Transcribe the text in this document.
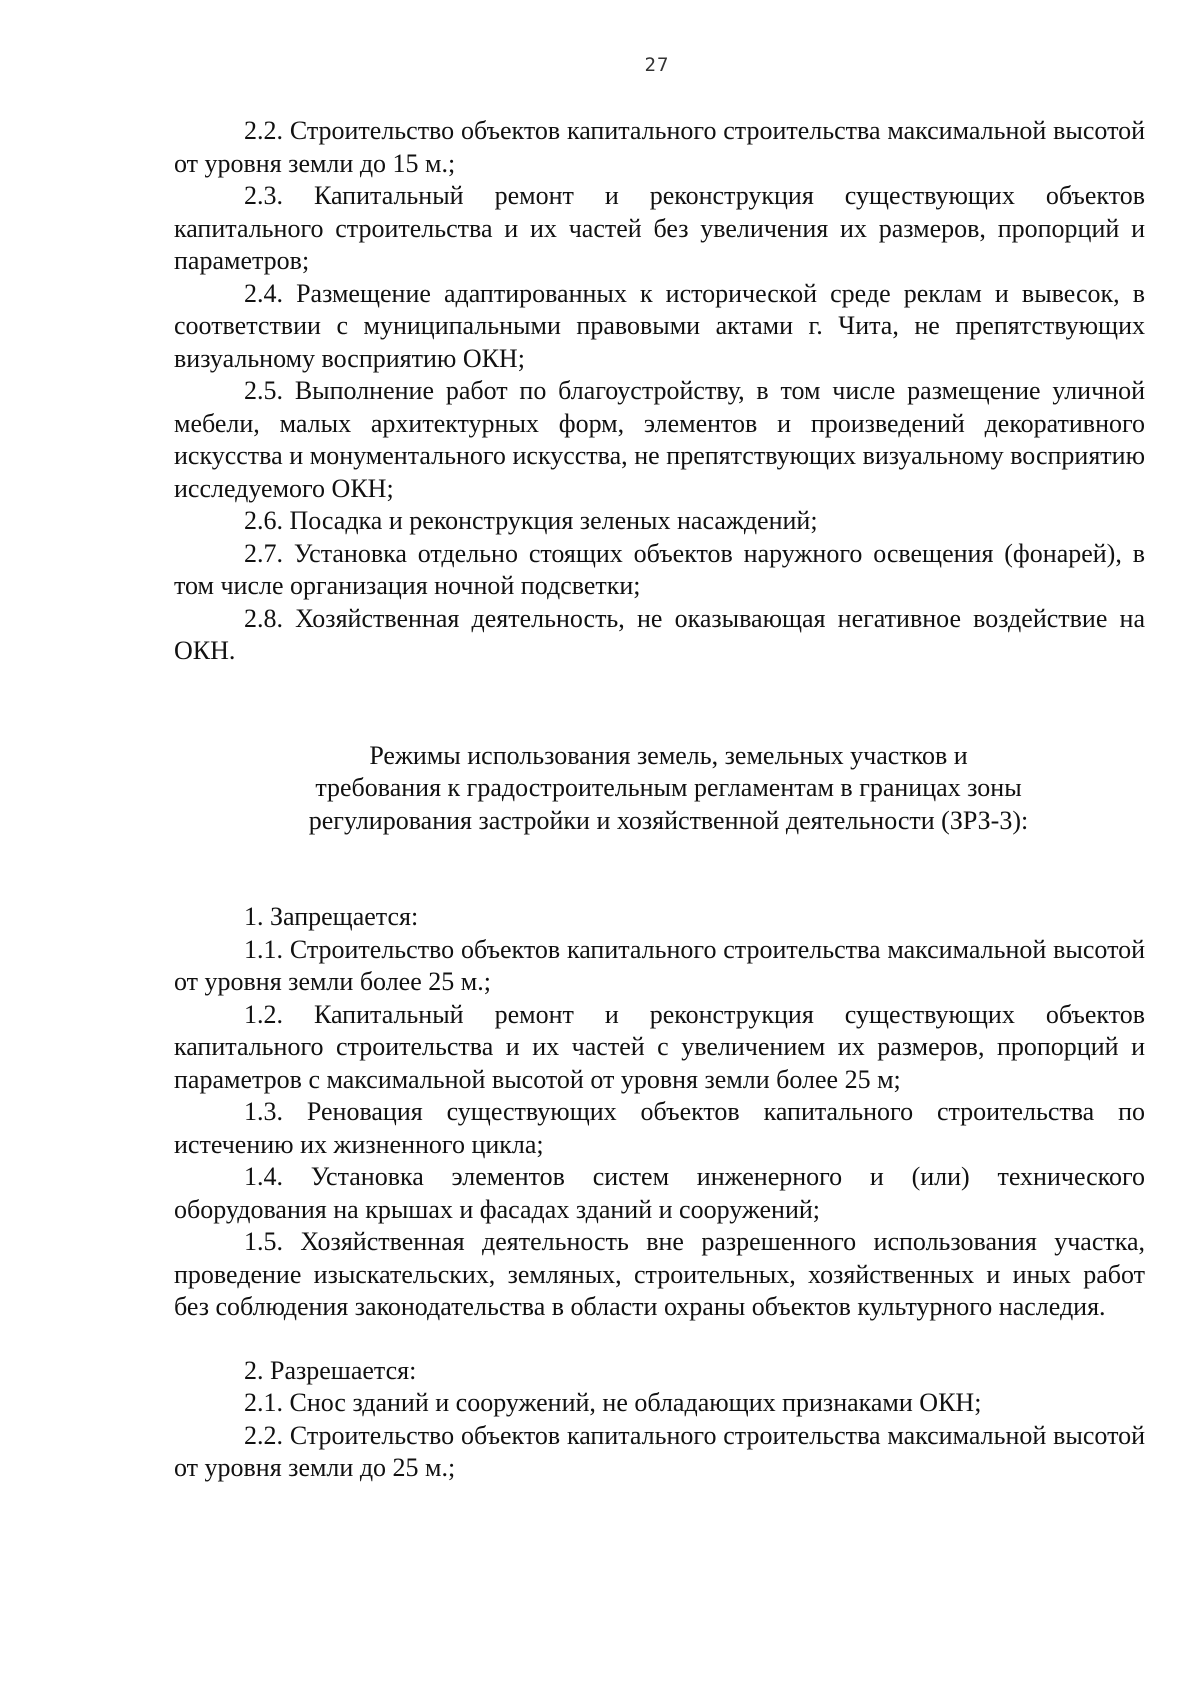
27

2.2. Строительство объектов капитального строительства максимальной высотой от уровня земли до 15 м.;

2.3. Капитальный ремонт и реконструкция существующих объектов капитального строительства и их частей без увеличения их размеров, пропорций и параметров;

2.4. Размещение адаптированных к исторической среде реклам и вывесок, в соответствии с муниципальными правовыми актами г. Чита, не препятствующих визуальному восприятию ОКН;

2.5. Выполнение работ по благоустройству, в том числе размещение уличной мебели, малых архитектурных форм, элементов и произведений декоративного искусства и монументального искусства, не препятствующих визуальному восприятию исследуемого ОКН;

2.6. Посадка и реконструкция зеленых насаждений;

2.7. Установка отдельно стоящих объектов наружного освещения (фонарей), в том числе организация ночной подсветки;

2.8. Хозяйственная деятельность, не оказывающая негативное воздействие на ОКН.

Режимы использования земель, земельных участков и
требования к градостроительным регламентам в границах зоны
регулирования застройки и хозяйственной деятельности (ЗРЗ-3):

1. Запрещается:

1.1. Строительство объектов капитального строительства максимальной высотой от уровня земли более 25 м.;

1.2. Капитальный ремонт и реконструкция существующих объектов капитального строительства и их частей с увеличением их размеров, пропорций и параметров с максимальной высотой от уровня земли более 25 м;

1.3. Реновация существующих объектов капитального строительства по истечению их жизненного цикла;

1.4. Установка элементов систем инженерного и (или) технического оборудования на крышах и фасадах зданий и сооружений;

1.5. Хозяйственная деятельность вне разрешенного использования участка, проведение изыскательских, земляных, строительных, хозяйственных и иных работ без соблюдения законодательства в области охраны объектов культурного наследия.

2. Разрешается:

2.1. Снос зданий и сооружений, не обладающих признаками ОКН;

2.2. Строительство объектов капитального строительства максимальной высотой от уровня земли до 25 м.;
